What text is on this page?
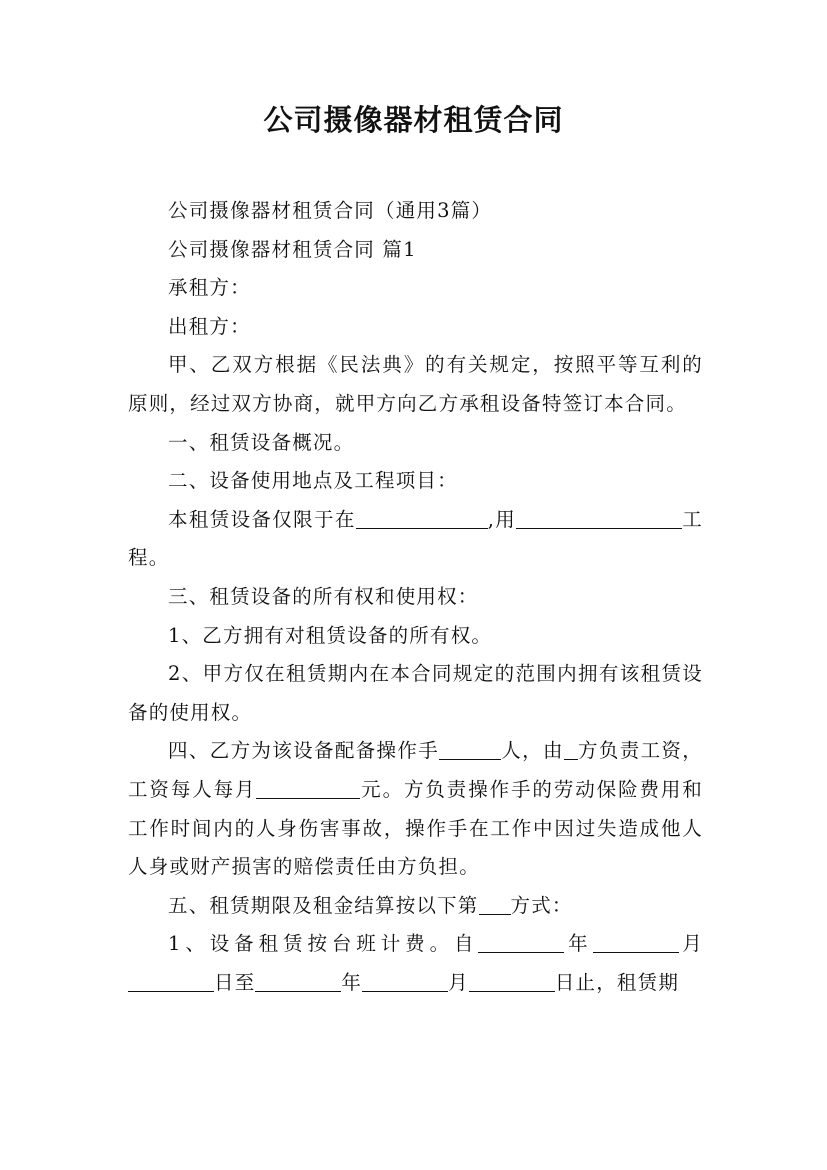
公司摄像器材租赁合同

公司摄像器材租赁合同（通用3篇）

公司摄像器材租赁合同 篇1

承租方：

出租方：

甲、乙双方根据《民法典》的有关规定，按照平等互利的原则，经过双方协商，就甲方向乙方承租设备特签订本合同。

一、租赁设备概况。

二、设备使用地点及工程项目：

本租赁设备仅限于在	,用	工程。

三、租赁设备的所有权和使用权：

1、乙方拥有对租赁设备的所有权。

2、甲方仅在租赁期内在本合同规定的范围内拥有该租赁设备的使用权。

四、乙方为该设备配备操作手	人，由 方负责工资，工资每人每月	元。方负责操作手的劳动保险费用和工作时间内的人身伤害事故，操作手在工作中因过失造成他人人身或财产损害的赔偿责任由方负担。

五、租赁期限及租金结算按以下第 方式：

1、设备租赁按台班计费。自	年	月日至	年	月	日止，租赁期
